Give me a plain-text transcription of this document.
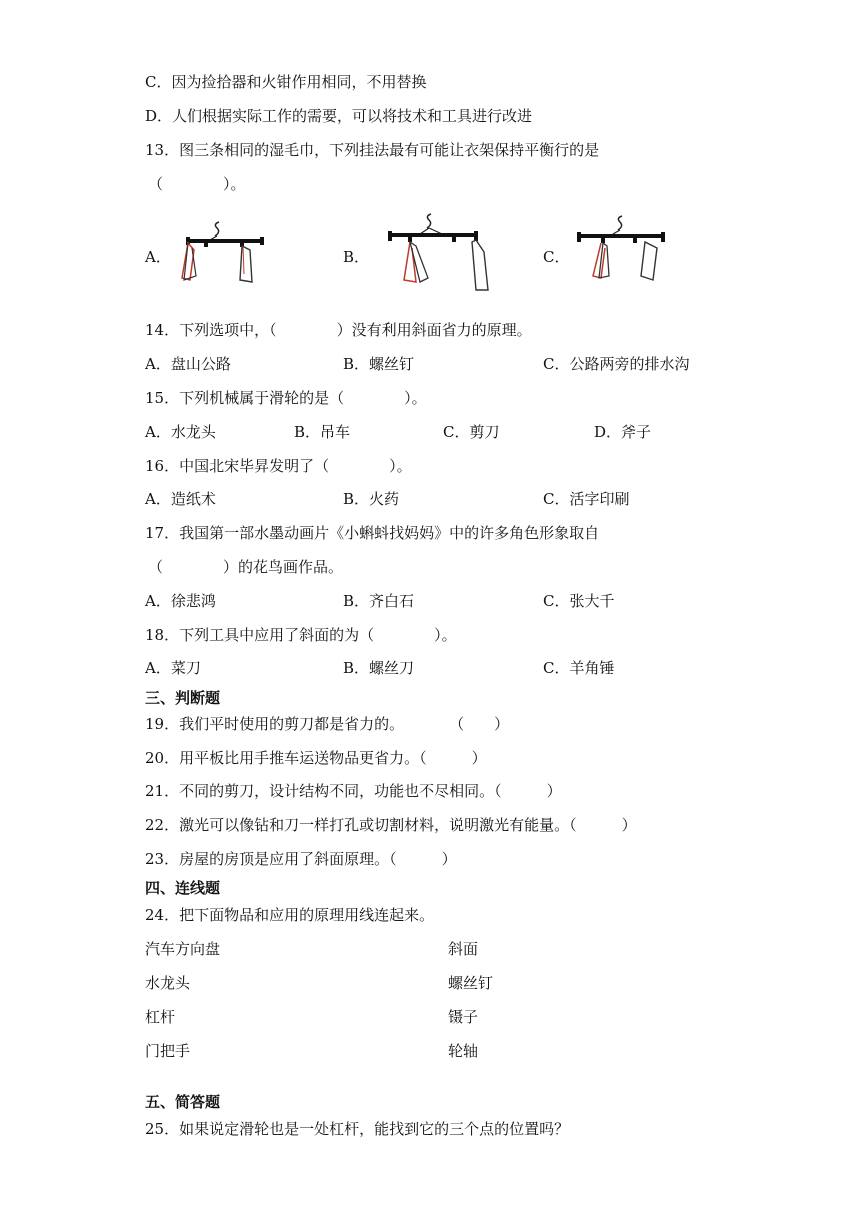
C．因为捡拾器和火钳作用相同，不用替换
D．人们根据实际工作的需要，可以将技术和工具进行改进
13．图三条相同的湿毛巾，下列挂法最有可能让衣架保持平衡行的是
（　　　　）。
A．	B．	C．
14．下列选项中，（　　　　）没有利用斜面省力的原理。
A．盘山公路	B．螺丝钉	C．公路两旁的排水沟
15．下列机械属于滑轮的是（　　　　）。
A．水龙头	B．吊车	C．剪刀	D．斧子
16．中国北宋毕昇发明了（　　　　）。
A．造纸术	B．火药	C．活字印刷
17．我国第一部水墨动画片《小蝌蚪找妈妈》中的许多角色形象取自
（　　　　）的花鸟画作品。
A．徐悲鸿	B．齐白石	C．张大千
18．下列工具中应用了斜面的为（　　　　）。
A．菜刀	B．螺丝刀	C．羊角锤
三、判断题
19．我们平时使用的剪刀都是省力的。　　　　（　　）
20．用平板比用手推车运送物品更省力。（　　　）
21．不同的剪刀，设计结构不同，功能也不尽相同。（　　　）
22．激光可以像钻和刀一样打孔或切割材料，说明激光有能量。（　　　）
23．房屋的房顶是应用了斜面原理。（　　　）
四、连线题
24．把下面物品和应用的原理用线连起来。
汽车方向盘
水龙头
杠杆
门把手
斜面
螺丝钉
镊子
轮轴
五、简答题
25．如果说定滑轮也是一处杠杆，能找到它的三个点的位置吗？
